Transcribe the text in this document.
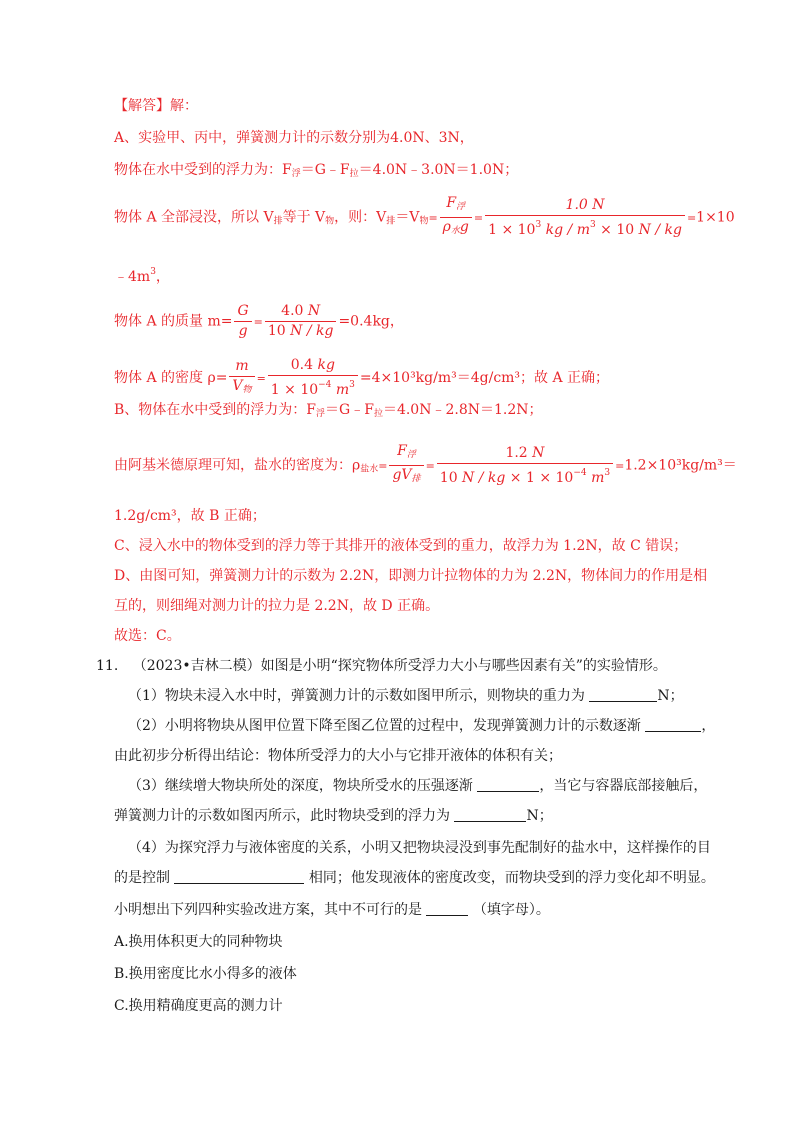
【解答】解：
A、实验甲、丙中，弹簧测力计的示数分别为4.0N、3N，
物体在水中受到的浮力为：$F_浮=G﹣F_拉=4.0N﹣3.0N=1.0N$；
物体 A 全部浸没，所以 $V_排$等于 $V_物$，则：$V_排=V_物= \frac{\text{F浮}}{\text{ρ水g}} = \frac{1.0 N}{1 \times 10^3 kg / m^3 \times 10 N / kg} =1\times 10$
$﹣4m^3$，
物体 A 的质量 $m= \frac{G}{g} = \frac{4.0 N}{10 N / kg} =0.4kg$，
物体 A 的密度 $\rho= \frac{m}{\text{V物}} = \frac{0.4 kg}{1 \times 10^{-4} m^3} =4\times 10^3kg/m^3=4g/cm^3$；故 A 正确；
B、物体在水中受到的浮力为：$F_浮=G﹣F_拉=4.0N﹣2.8N=1.2N$；
由阿基米德原理可知，盐水的密度为：$\rho_{盐水}= \frac{\text{F浮}}{\text{gV排}} = \frac{1.2 N}{10 N / kg \times 1 \times 10^{-4} m^3} =1.2\times 10^3kg/m^3=$
1.2g/cm³，故 B 正确；
C、浸入水中的物体受到的浮力等于其排开的液体受到的重力，故浮力为 1.2N，故 C 错误；
D、由图可知，弹簧测力计的示数为 2.2N，即测力计拉物体的力为 2.2N，物体间力的作用是相
互的，则细绳对测力计的拉力是 2.2N，故 D 正确。
故选：C。
11. （2023•吉林二模）如图是小明“探究物体所受浮力大小与哪些因素有关”的实验情形。
（1）物块未浸入水中时，弹簧测力计的示数如图甲所示，则物块的重力为	N；
（2）小明将物块从图甲位置下降至图乙位置的过程中，发现弹簧测力计的示数逐渐	，
由此初步分析得出结论：物体所受浮力的大小与它排开液体的体积有关；
（3）继续增大物块所处的深度，物块所受水的压强逐渐	，当它与容器底部接触后，
弹簧测力计的示数如图丙所示，此时物块受到的浮力为	N；
（4）为探究浮力与液体密度的关系，小明又把物块浸没到事先配制好的盐水中，这样操作的目
的是控制	相同；他发现液体的密度改变，而物块受到的浮力变化却不明显。
小明想出下列四种实验改进方案，其中不可行的是	（填字母）。
A.换用体积更大的同种物块
B.换用密度比水小得多的液体
C.换用精确度更高的测力计
